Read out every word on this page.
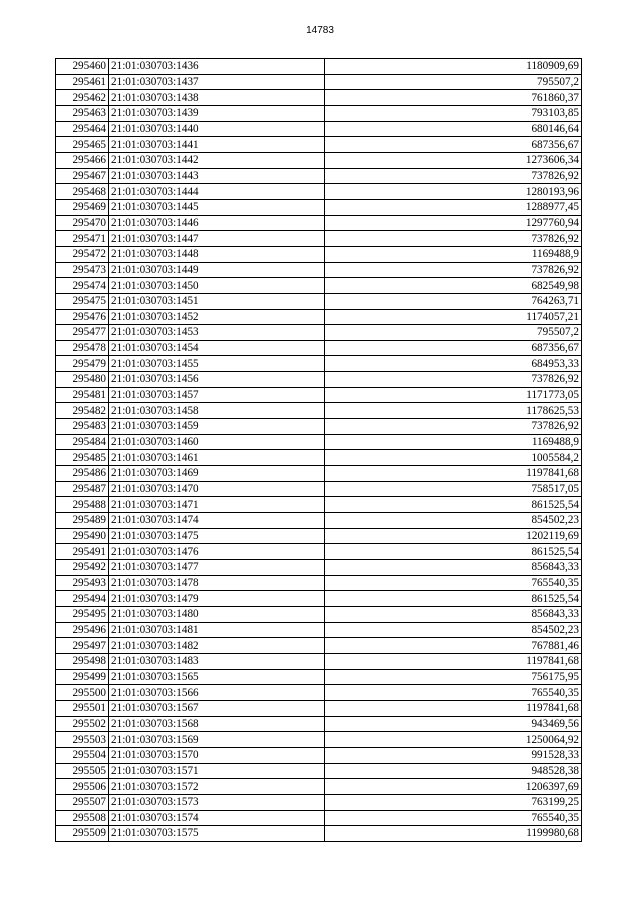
14783
295460	21:01:030703:1436	1180909,69
295461	21:01:030703:1437	795507,2
295462	21:01:030703:1438	761860,37
295463	21:01:030703:1439	793103,85
295464	21:01:030703:1440	680146,64
295465	21:01:030703:1441	687356,67
295466	21:01:030703:1442	1273606,34
295467	21:01:030703:1443	737826,92
295468	21:01:030703:1444	1280193,96
295469	21:01:030703:1445	1288977,45
295470	21:01:030703:1446	1297760,94
295471	21:01:030703:1447	737826,92
295472	21:01:030703:1448	1169488,9
295473	21:01:030703:1449	737826,92
295474	21:01:030703:1450	682549,98
295475	21:01:030703:1451	764263,71
295476	21:01:030703:1452	1174057,21
295477	21:01:030703:1453	795507,2
295478	21:01:030703:1454	687356,67
295479	21:01:030703:1455	684953,33
295480	21:01:030703:1456	737826,92
295481	21:01:030703:1457	1171773,05
295482	21:01:030703:1458	1178625,53
295483	21:01:030703:1459	737826,92
295484	21:01:030703:1460	1169488,9
295485	21:01:030703:1461	1005584,2
295486	21:01:030703:1469	1197841,68
295487	21:01:030703:1470	758517,05
295488	21:01:030703:1471	861525,54
295489	21:01:030703:1474	854502,23
295490	21:01:030703:1475	1202119,69
295491	21:01:030703:1476	861525,54
295492	21:01:030703:1477	856843,33
295493	21:01:030703:1478	765540,35
295494	21:01:030703:1479	861525,54
295495	21:01:030703:1480	856843,33
295496	21:01:030703:1481	854502,23
295497	21:01:030703:1482	767881,46
295498	21:01:030703:1483	1197841,68
295499	21:01:030703:1565	756175,95
295500	21:01:030703:1566	765540,35
295501	21:01:030703:1567	1197841,68
295502	21:01:030703:1568	943469,56
295503	21:01:030703:1569	1250064,92
295504	21:01:030703:1570	991528,33
295505	21:01:030703:1571	948528,38
295506	21:01:030703:1572	1206397,69
295507	21:01:030703:1573	763199,25
295508	21:01:030703:1574	765540,35
295509	21:01:030703:1575	1199980,68
